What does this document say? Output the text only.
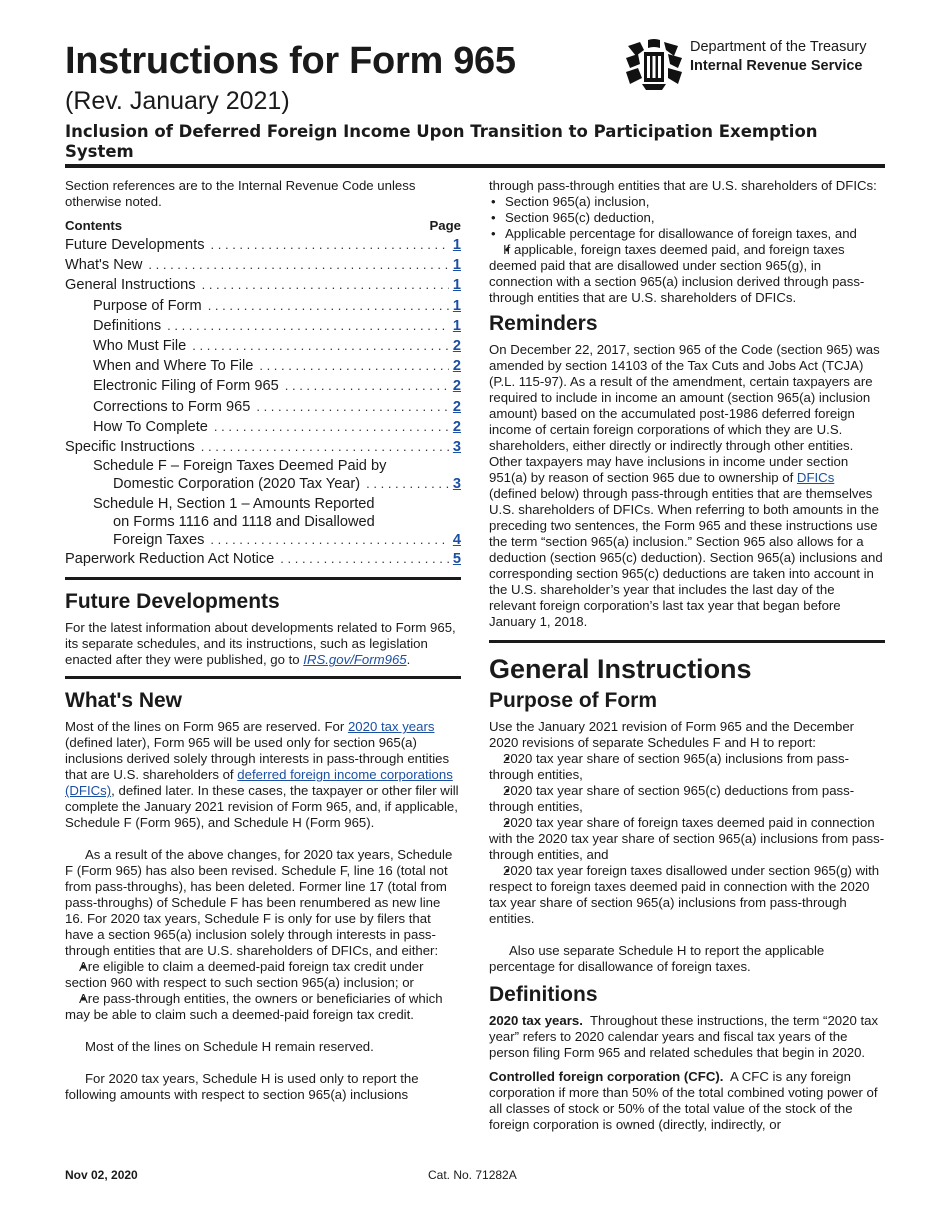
Instructions for Form 965
(Rev. January 2021)
Inclusion of Deferred Foreign Income Upon Transition to Participation Exemption System
Department of the Treasury
Internal Revenue Service

Section references are to the Internal Revenue Code unless otherwise noted.

Contents	Page
Future Developments . . .	1
What's New . . .	1
General Instructions . . .	1
Purpose of Form . . .	1
Definitions . . .	1
Who Must File . . .	2
When and Where To File . . .	2
Electronic Filing of Form 965 . . .	2
Corrections to Form 965 . . .	2
How To Complete . . .	2
Specific Instructions . . .	3
Schedule F – Foreign Taxes Deemed Paid by
Domestic Corporation (2020 Tax Year) . . .	3
Schedule H, Section 1 – Amounts Reported
on Forms 1116 and 1118 and Disallowed
Foreign Taxes . . .	4
Paperwork Reduction Act Notice . . .	5
Future Developments

For the latest information about developments related to Form 965, its separate schedules, and its instructions, such as legislation enacted after they were published, go to IRS.gov/Form965.

What's New

Most of the lines on Form 965 are reserved. For 2020 tax years (defined later), Form 965 will be used only for section 965(a) inclusions derived solely through interests in pass-through entities that are U.S. shareholders of deferred foreign income corporations (DFICs), defined later. In these cases, the taxpayer or other filer will complete the January 2021 revision of Form 965, and, if applicable, Schedule F (Form 965), and Schedule H (Form 965).

As a result of the above changes, for 2020 tax years, Schedule F (Form 965) has also been revised. Schedule F, line 16 (total not from pass-throughs), has been deleted. Former line 17 (total from pass-throughs) of Schedule F has been renumbered as new line 16. For 2020 tax years, Schedule F is only for use by filers that have a section 965(a) inclusion solely through interests in pass-through entities that are U.S. shareholders of DFICs, and either:

• Are eligible to claim a deemed-paid foreign tax credit under section 960 with respect to such section 965(a) inclusion; or

• Are pass-through entities, the owners or beneficiaries of which may be able to claim such a deemed-paid foreign tax credit.

Most of the lines on Schedule H remain reserved.

For 2020 tax years, Schedule H is used only to report the following amounts with respect to section 965(a) inclusions

through pass-through entities that are U.S. shareholders of DFICs:

• Section 965(a) inclusion,

• Section 965(c) deduction,

• Applicable percentage for disallowance of foreign taxes, and

• If applicable, foreign taxes deemed paid, and foreign taxes deemed paid that are disallowed under section 965(g), in connection with a section 965(a) inclusion derived through pass-through entities that are U.S. shareholders of DFICs.

Reminders

On December 22, 2017, section 965 of the Code (section 965) was amended by section 14103 of the Tax Cuts and Jobs Act (TCJA) (P.L. 115-97). As a result of the amendment, certain taxpayers are required to include in income an amount (section 965(a) inclusion amount) based on the accumulated post-1986 deferred foreign income of certain foreign corporations of which they are U.S. shareholders, either directly or indirectly through other entities. Other taxpayers may have inclusions in income under section 951(a) by reason of section 965 due to ownership of DFICs (defined below) through pass-through entities that are themselves U.S. shareholders of DFICs. When referring to both amounts in the preceding two sentences, the Form 965 and these instructions use the term “section 965(a) inclusion.” Section 965 also allows for a deduction (section 965(c) deduction). Section 965(a) inclusions and corresponding section 965(c) deductions are taken into account in the U.S. shareholder’s year that includes the last day of the relevant foreign corporation’s last tax year that began before January 1, 2018.

General Instructions
Purpose of Form

Use the January 2021 revision of Form 965 and the December 2020 revisions of separate Schedules F and H to report:

• 2020 tax year share of section 965(a) inclusions from pass-through entities,

• 2020 tax year share of section 965(c) deductions from pass-through entities,

• 2020 tax year share of foreign taxes deemed paid in connection with the 2020 tax year share of section 965(a) inclusions from pass-through entities, and

• 2020 tax year foreign taxes disallowed under section 965(g) with respect to foreign taxes deemed paid in connection with the 2020 tax year share of section 965(a) inclusions from pass-through entities.

Also use separate Schedule H to report the applicable percentage for disallowance of foreign taxes.

Definitions

2020 tax years. Throughout these instructions, the term “2020 tax year” refers to 2020 calendar years and fiscal tax years of the person filing Form 965 and related schedules that begin in 2020.

Controlled foreign corporation (CFC). A CFC is any foreign corporation if more than 50% of the total combined voting power of all classes of stock or 50% of the total value of the stock of the foreign corporation is owned (directly, indirectly, or

Nov 02, 2020	Cat. No. 71282A
